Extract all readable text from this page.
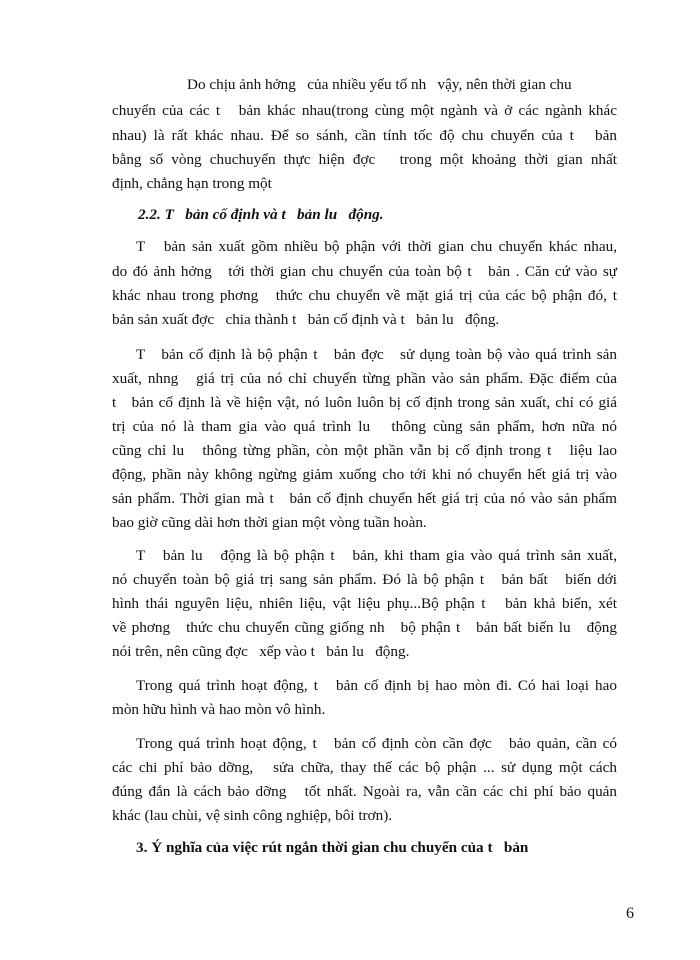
Do chịu ảnh hởng   của nhiều yếu tố nh   vậy, nên thời gian chu
chuyển của các t   bản khác nhau(trong cùng một ngành và ở các ngành khác
nhau) là rất khác nhau. Để so sánh, cần tính tốc độ chu chuyển của t   bản
bằng số vòng chuchuyển thực hiện đợc   trong một khoảng thời gian nhất
định, chẳng hạn trong một
2.2. T   bản cố định và t   bản lu   động.
T   bản sản xuất gồm nhiều bộ phận với thời gian chu chuyển khác nhau,
do đó ảnh hởng   tới thời gian chu chuyển của toàn bộ t   bản . Căn cứ vào sự
khác nhau trong phơng   thức chu chuyển về mặt giá trị của các bộ phận đó, t
bản sản xuất đợc   chia thành t   bản cố định và t   bản lu   động.
T   bản cố định là bộ phận t   bản đợc   sử dụng toàn bộ vào quá trình sản
xuất, nhng   giá trị của nó chỉ chuyển từng phần vào sản phẩm. Đặc điểm của
t   bản cố định là về hiện vật, nó luôn luôn bị cố định trong sản xuất, chỉ có giá
trị của nó là tham gia vào quá trình lu   thông cùng sản phẩm, hơn nữa nó
cũng chỉ lu   thông từng phần, còn một phần vẫn bị cố định trong t   liệu lao
động, phần này không ngừng giảm xuống cho tới khi nó chuyển hết giá trị vào
sản phẩm. Thời gian mà t   bản cố định chuyển hết giá trị của nó vào sản phẩm
bao giờ cũng dài hơn thời gian một vòng tuần hoàn.
T   bản lu   động là bộ phận t   bản, khi tham gia vào quá trình sản xuất,
nó chuyển toàn bộ giá trị sang sản phẩm. Đó là bộ phận t   bản bất   biến dới
hình thái nguyên liệu, nhiên liệu, vật liệu phụ...Bộ phận t   bản khả biến, xét
về phơng   thức chu chuyển cũng giống nh   bộ phận t   bản bất biến lu   động
nói trên, nên cũng đợc   xếp vào t   bản lu   động.
Trong quá trình hoạt động, t   bản cố định bị hao mòn đi. Có hai loại hao
mòn hữu hình và hao mòn vô hình.
Trong quá trình hoạt động, t   bản cố định còn cần đợc   bảo quản, cần có
các chi phí bảo dỡng,   sửa chữa, thay thế các bộ phận ... sử dụng một cách
đúng đắn là cách bảo dỡng   tốt nhất. Ngoài ra, vẫn cần các chi phí bảo quản
khác (lau chùi, vệ sinh công nghiệp, bôi trơn).
3. Ý nghĩa của việc rút ngắn thời gian chu chuyển của t   bản
6
